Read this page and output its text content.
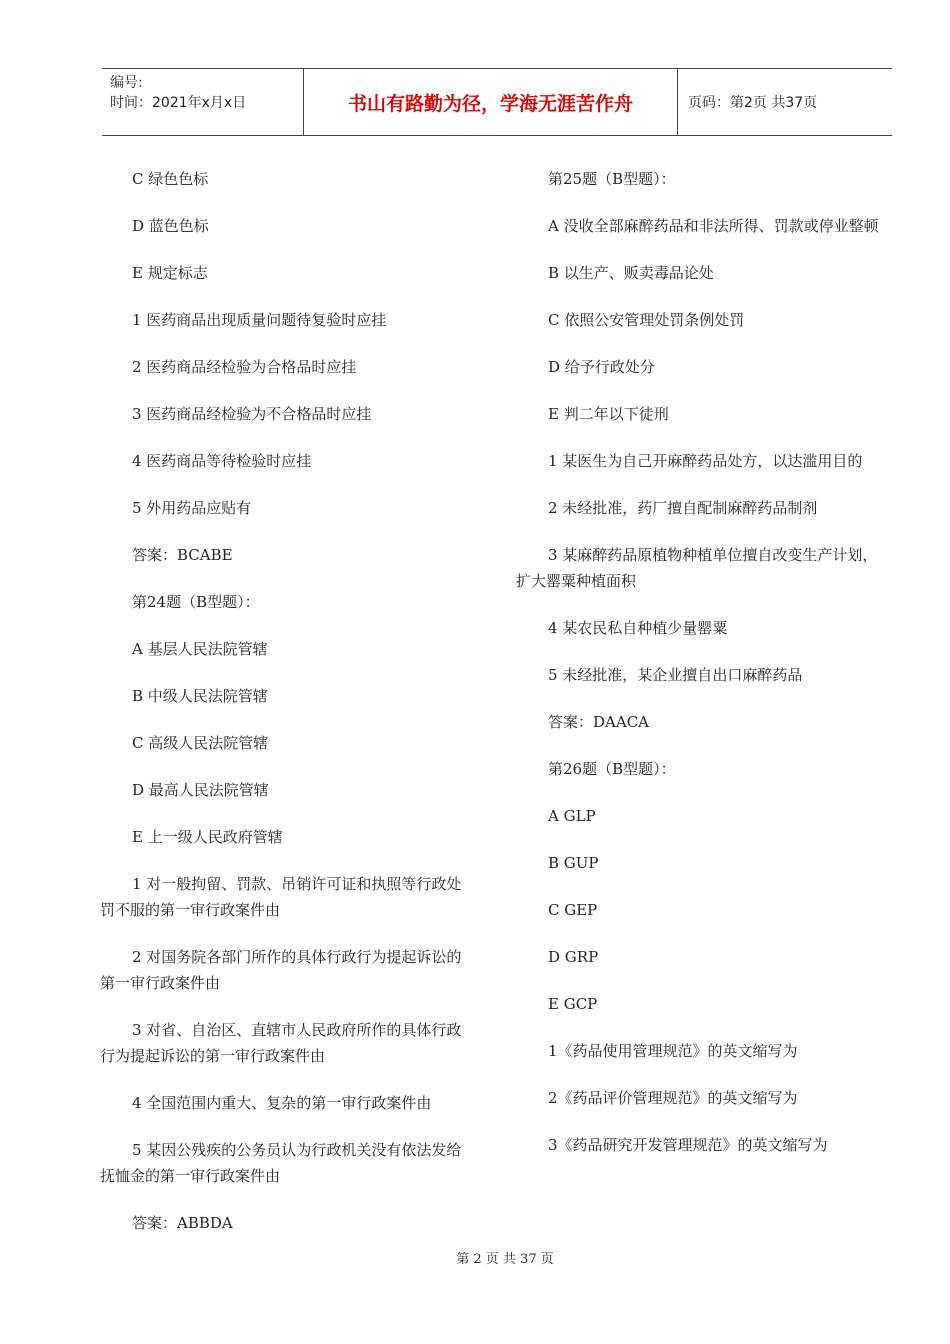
编号:
时间：2021年x月x日	书山有路勤为径，学海无涯苦作舟	页码：第2页 共37页

C 绿色色标

D 蓝色色标

E 规定标志

1 医药商品出现质量问题待复验时应挂

2 医药商品经检验为合格品时应挂

3 医药商品经检验为不合格品时应挂

4 医药商品等待检验时应挂

5 外用药品应贴有

答案：BCABE

第24题（B型题）：

A 基层人民法院管辖

B 中级人民法院管辖

C 高级人民法院管辖

D 最高人民法院管辖

E 上一级人民政府管辖

1 对一般拘留、罚款、吊销许可证和执照等行政处罚不服的第一审行政案件由

2 对国务院各部门所作的具体行政行为提起诉讼的第一审行政案件由

3 对省、自治区、直辖市人民政府所作的具体行政行为提起诉讼的第一审行政案件由

4 全国范围内重大、复杂的第一审行政案件由

5 某因公残疾的公务员认为行政机关没有依法发给抚恤金的第一审行政案件由

答案：ABBDA

第25题（B型题）：

A 没收全部麻醉药品和非法所得、罚款或停业整顿

B 以生产、贩卖毒品论处

C 依照公安管理处罚条例处罚

D 给予行政处分

E 判二年以下徒刑

1 某医生为自己开麻醉药品处方，以达滥用目的

2 未经批准，药厂擅自配制麻醉药品制剂

3 某麻醉药品原植物种植单位擅自改变生产计划，扩大罂粟种植面积

4 某农民私自种植少量罂粟

5 未经批准，某企业擅自出口麻醉药品

答案：DAACA

第26题（B型题）：

A GLP

B GUP

C GEP

D GRP

E GCP

1《药品使用管理规范》的英文缩写为

2《药品评价管理规范》的英文缩写为

3《药品研究开发管理规范》的英文缩写为

第 2 页 共 37 页
